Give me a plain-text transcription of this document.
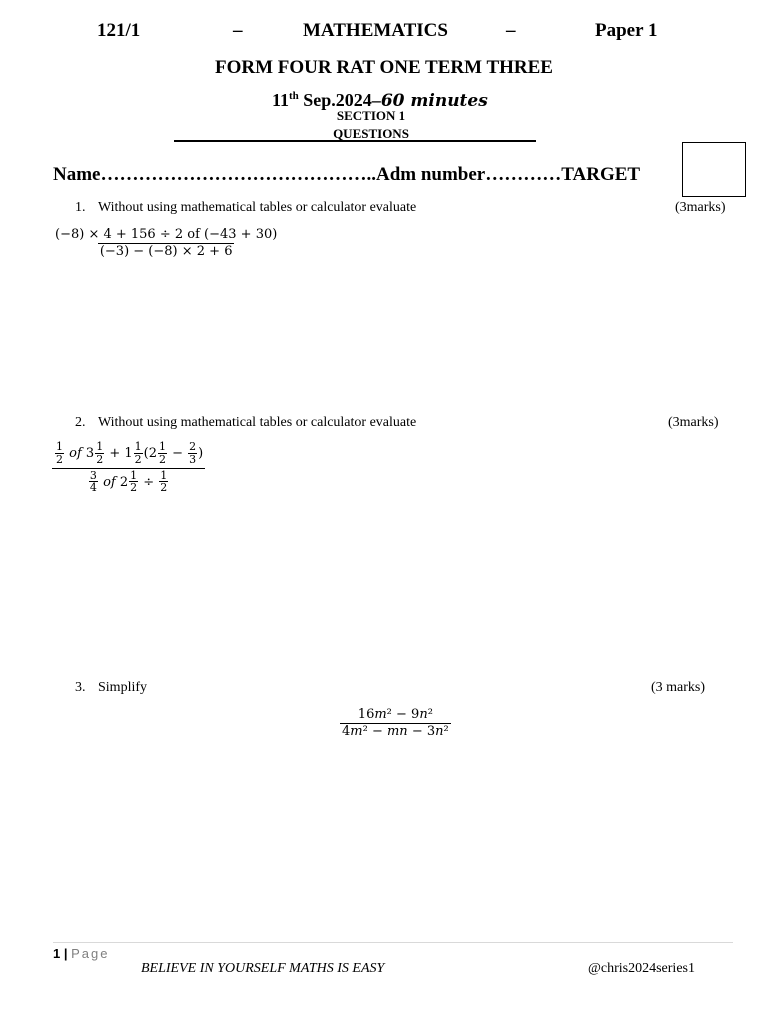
121/1	–	MATHEMATICS	–	Paper 1
FORM FOUR RAT ONE TERM THREE
11th Sep.2024–60 minutes
SECTION 1
QUESTIONS
Name……………………………………..Adm number…………TARGET
1. Without using mathematical tables or calculator evaluate	(3marks)
$\frac{(-8) \times 4 + 156 \div 2 of (-43 + 30)}{(-3) - (-8) \times 2 + 6}$
2. Without using mathematical tables or calculator evaluate	(3marks)
$\frac{\frac{1}{2} of 3 \frac{1}{2} + 1 \frac{1}{2} (2 \frac{1}{2} - \frac{2}{3} )}{\frac{3}{4} of 2 \frac{1}{2} \div \frac{1}{2}}$
3. Simplify	(3 marks)
$\frac{\text{16m² − 9n²}}{\text{4m² − mn − 3n²}}$
1 | Page
BELIEVE IN YOURSELF MATHS IS EASY	@chris2024series1
